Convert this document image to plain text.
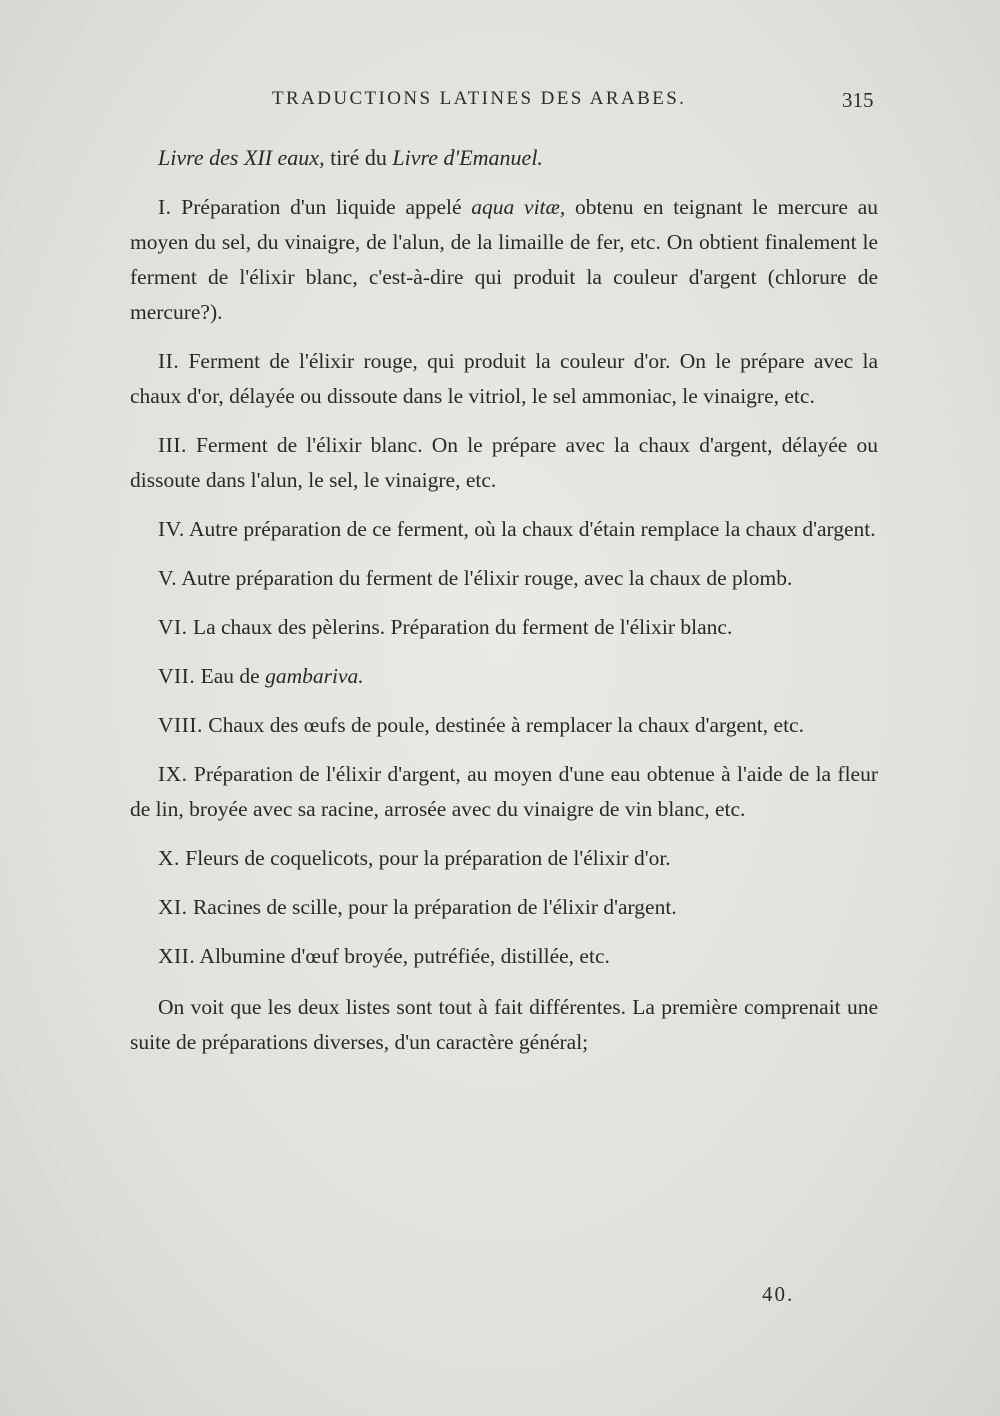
TRADUCTIONS LATINES DES ARABES.	315

Livre des XII eaux, tiré du Livre d'Emanuel.

I. Préparation d'un liquide appelé aqua vitæ, obtenu en teignant le mercure au moyen du sel, du vinaigre, de l'alun, de la limaille de fer, etc. On obtient finalement le ferment de l'élixir blanc, c'est-à-dire qui produit la couleur d'argent (chlorure de mercure?).

II. Ferment de l'élixir rouge, qui produit la couleur d'or. On le prépare avec la chaux d'or, délayée ou dissoute dans le vitriol, le sel ammoniac, le vinaigre, etc.

III. Ferment de l'élixir blanc. On le prépare avec la chaux d'argent, délayée ou dissoute dans l'alun, le sel, le vinaigre, etc.

IV. Autre préparation de ce ferment, où la chaux d'étain remplace la chaux d'argent.

V. Autre préparation du ferment de l'élixir rouge, avec la chaux de plomb.

VI. La chaux des pèlerins. Préparation du ferment de l'élixir blanc.

VII. Eau de gambariva.

VIII. Chaux des œufs de poule, destinée à remplacer la chaux d'argent, etc.

IX. Préparation de l'élixir d'argent, au moyen d'une eau obtenue à l'aide de la fleur de lin, broyée avec sa racine, arrosée avec du vinaigre de vin blanc, etc.

X. Fleurs de coquelicots, pour la préparation de l'élixir d'or.

XI. Racines de scille, pour la préparation de l'élixir d'argent.

XII. Albumine d'œuf broyée, putréfiée, distillée, etc.

On voit que les deux listes sont tout à fait différentes. La première comprenait une suite de préparations diverses, d'un caractère général;

40.
